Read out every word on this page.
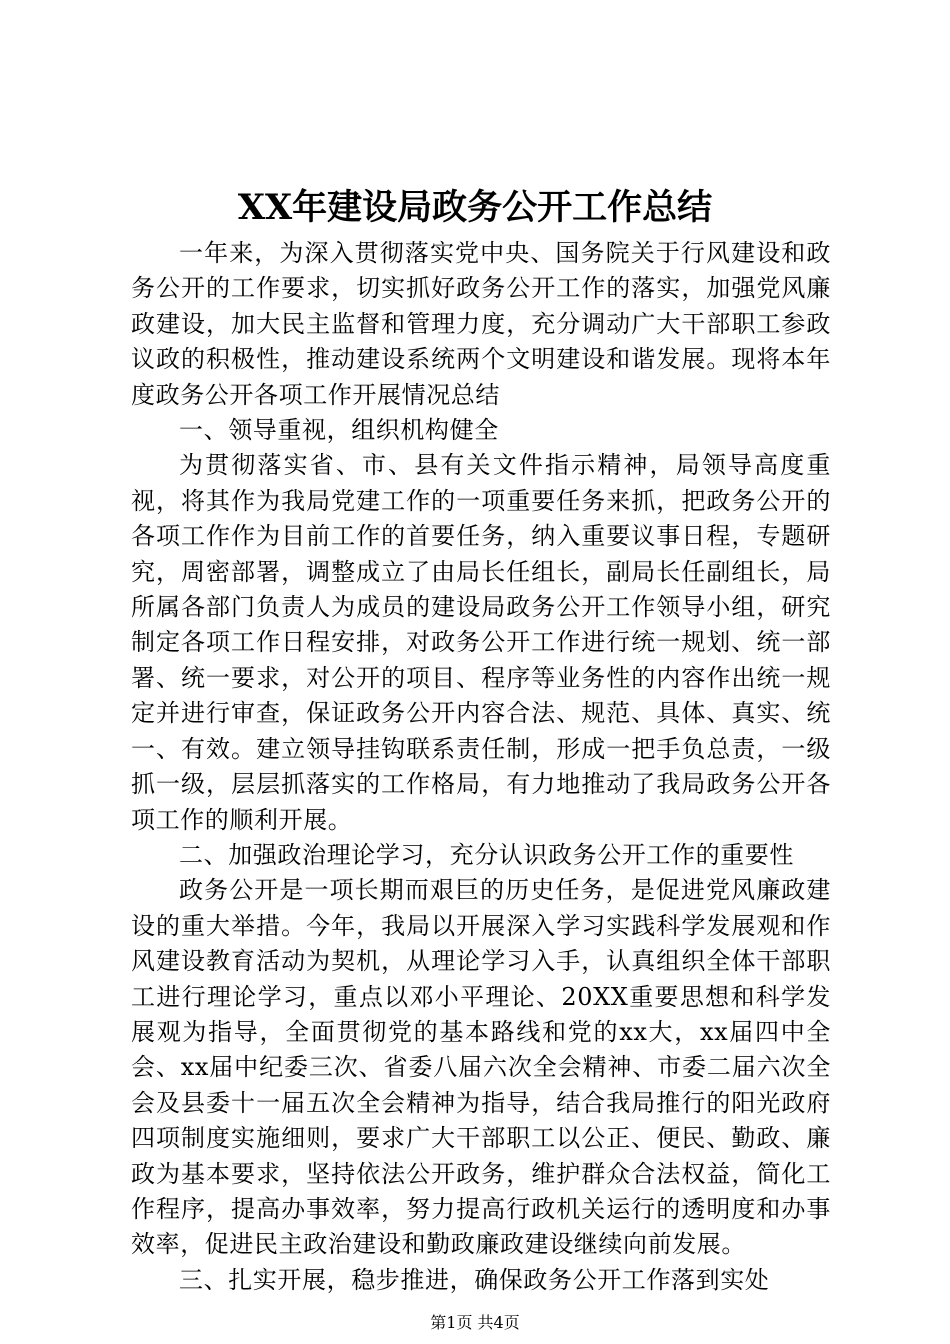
XX年建设局政务公开工作总结

一年来，为深入贯彻落实党中央、国务院关于行风建设和政务公开的工作要求，切实抓好政务公开工作的落实，加强党风廉政建设，加大民主监督和管理力度，充分调动广大干部职工参政议政的积极性，推动建设系统两个文明建设和谐发展。现将本年度政务公开各项工作开展情况总结

一、领导重视，组织机构健全

为贯彻落实省、市、县有关文件指示精神，局领导高度重视，将其作为我局党建工作的一项重要任务来抓，把政务公开的各项工作作为目前工作的首要任务，纳入重要议事日程，专题研究，周密部署，调整成立了由局长任组长，副局长任副组长，局所属各部门负责人为成员的建设局政务公开工作领导小组，研究制定各项工作日程安排，对政务公开工作进行统一规划、统一部署、统一要求，对公开的项目、程序等业务性的内容作出统一规定并进行审查，保证政务公开内容合法、规范、具体、真实、统一、有效。建立领导挂钩联系责任制，形成一把手负总责，一级抓一级，层层抓落实的工作格局，有力地推动了我局政务公开各项工作的顺利开展。

二、加强政治理论学习，充分认识政务公开工作的重要性

政务公开是一项长期而艰巨的历史任务，是促进党风廉政建设的重大举措。今年，我局以开展深入学习实践科学发展观和作风建设教育活动为契机，从理论学习入手，认真组织全体干部职工进行理论学习，重点以邓小平理论、20XX重要思想和科学发展观为指导，全面贯彻党的基本路线和党的xx大，xx届四中全会、xx届中纪委三次、省委八届六次全会精神、市委二届六次全会及县委十一届五次全会精神为指导，结合我局推行的阳光政府四项制度实施细则，要求广大干部职工以公正、便民、勤政、廉政为基本要求，坚持依法公开政务，维护群众合法权益，简化工作程序，提高办事效率，努力提高行政机关运行的透明度和办事效率，促进民主政治建设和勤政廉政建设继续向前发展。

三、扎实开展，稳步推进，确保政务公开工作落到实处

第1页 共4页
